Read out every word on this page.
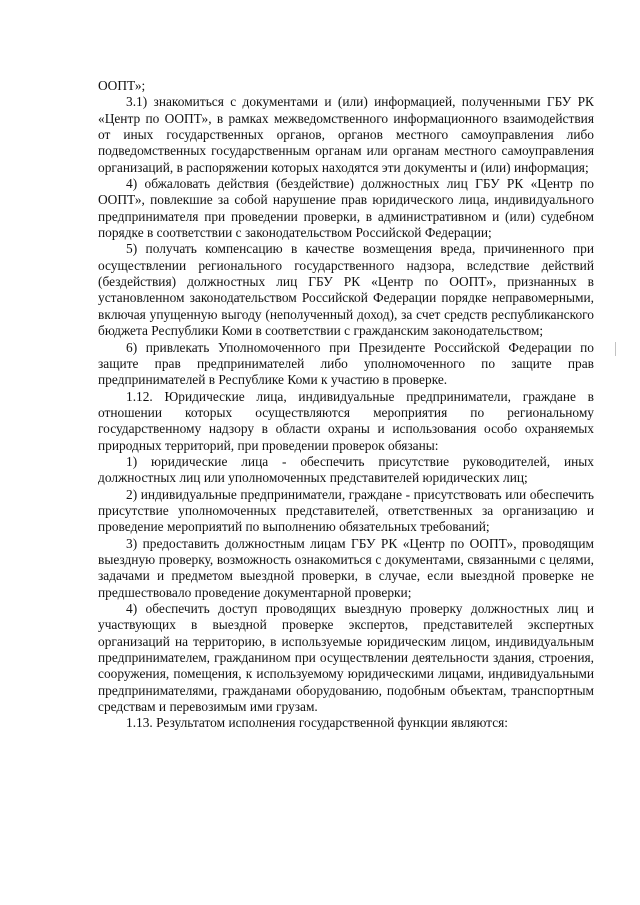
ООПТ»;

3.1) знакомиться с документами и (или) информацией, полученными ГБУ РК «Центр по ООПТ», в рамках межведомственного информационного взаимодействия от иных государственных органов, органов местного самоуправления либо подведомственных государственным органам или органам местного самоуправления организаций, в распоряжении которых находятся эти документы и (или) информация;

4) обжаловать действия (бездействие) должностных лиц ГБУ РК «Центр по ООПТ», повлекшие за собой нарушение прав юридического лица, индивидуального предпринимателя при проведении проверки, в административном и (или) судебном порядке в соответствии с законодательством Российской Федерации;

5) получать компенсацию в качестве возмещения вреда, причиненного при осуществлении регионального государственного надзора, вследствие действий (бездействия) должностных лиц ГБУ РК «Центр по ООПТ», признанных в установленном законодательством Российской Федерации порядке неправомерными, включая упущенную выгоду (неполученный доход), за счет средств республиканского бюджета Республики Коми в соответствии с гражданским законодательством;

6) привлекать Уполномоченного при Президенте Российской Федерации по защите прав предпринимателей либо уполномоченного по защите прав предпринимателей в Республике Коми к участию в проверке.

1.12. Юридические лица, индивидуальные предприниматели, граждане в отношении которых осуществляются мероприятия по региональному государственному надзору в области охраны и использования особо охраняемых природных территорий, при проведении проверок обязаны:

1) юридические лица - обеспечить присутствие руководителей, иных должностных лиц или уполномоченных представителей юридических лиц;

2) индивидуальные предприниматели, граждане - присутствовать или обеспечить присутствие уполномоченных представителей, ответственных за организацию и проведение мероприятий по выполнению обязательных требований;

3) предоставить должностным лицам ГБУ РК «Центр по ООПТ», проводящим выездную проверку, возможность ознакомиться с документами, связанными с целями, задачами и предметом выездной проверки, в случае, если выездной проверке не предшествовало проведение документарной проверки;

4) обеспечить доступ проводящих выездную проверку должностных лиц и участвующих в выездной проверке экспертов, представителей экспертных организаций на территорию, в используемые юридическим лицом, индивидуальным предпринимателем, гражданином при осуществлении деятельности здания, строения, сооружения, помещения, к используемому юридическими лицами, индивидуальными предпринимателями, гражданами оборудованию, подобным объектам, транспортным средствам и перевозимым ими грузам.

1.13. Результатом исполнения государственной функции являются:
